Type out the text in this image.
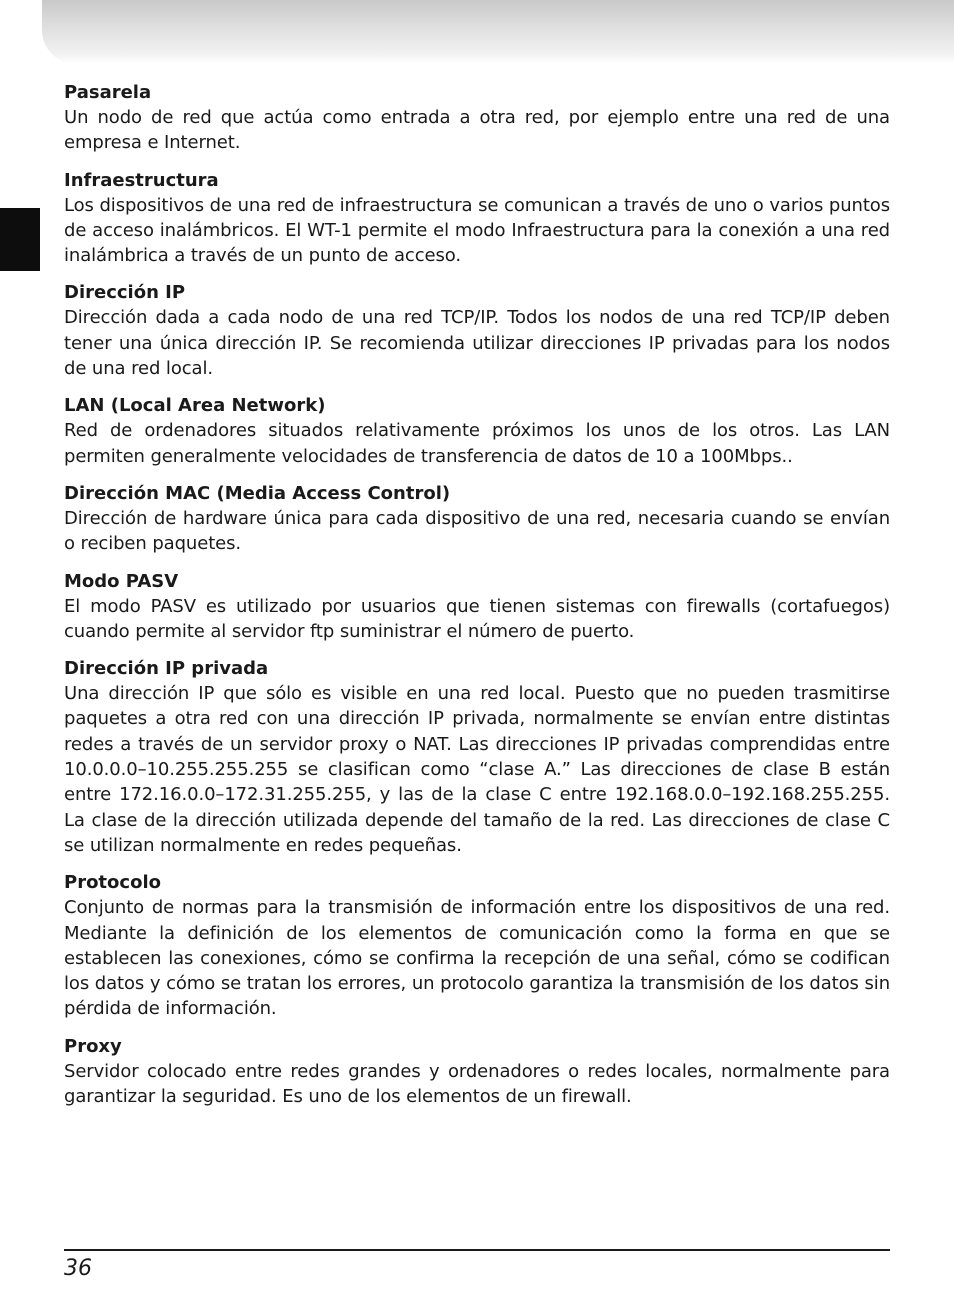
Pasarela

Un nodo de red que actúa como entrada a otra red, por ejemplo entre una red de una empresa e Internet.

Infraestructura

Los dispositivos de una red de infraestructura se comunican a través de uno o varios puntos de acceso inalámbricos. El WT-1 permite el modo Infraestructura para la conexión a una red inalámbrica a través de un punto de acceso.

Dirección IP

Dirección dada a cada nodo de una red TCP/IP. Todos los nodos de una red TCP/IP deben tener una única dirección IP. Se recomienda utilizar direcciones IP privadas para los nodos de una red local.

LAN (Local Area Network)

Red de ordenadores situados relativamente próximos los unos de los otros. Las LAN permiten generalmente velocidades de transferencia de datos de 10 a 100Mbps..

Dirección MAC (Media Access Control)

Dirección de hardware única para cada dispositivo de una red, necesaria cuando se envían o reciben paquetes.

Modo PASV

El modo PASV es utilizado por usuarios que tienen sistemas con firewalls (cortafuegos) cuando permite al servidor ftp suministrar el número de puerto.

Dirección IP privada

Una dirección IP que sólo es visible en una red local. Puesto que no pueden trasmitirse paquetes a otra red con una dirección IP privada, normalmente se envían entre distintas redes a través de un servidor proxy o NAT. Las direcciones IP privadas comprendidas entre 10.0.0.0–10.255.255.255 se clasifican como “clase A.” Las direcciones de clase B están entre 172.16.0.0–172.31.255.255, y las de la clase C entre 192.168.0.0–192.168.255.255. La clase de la dirección utilizada depende del tamaño de la red. Las direcciones de clase C se utilizan normalmente en redes pequeñas.

Protocolo

Conjunto de normas para la transmisión de información entre los dispositivos de una red. Mediante la definición de los elementos de comunicación como la forma en que se establecen las conexiones, cómo se confirma la recepción de una señal, cómo se codifican los datos y cómo se tratan los errores, un protocolo garantiza la transmisión de los datos sin pérdida de información.

Proxy

Servidor colocado entre redes grandes y ordenadores o redes locales, normalmente para garantizar la seguridad. Es uno de los elementos de un firewall.

36
